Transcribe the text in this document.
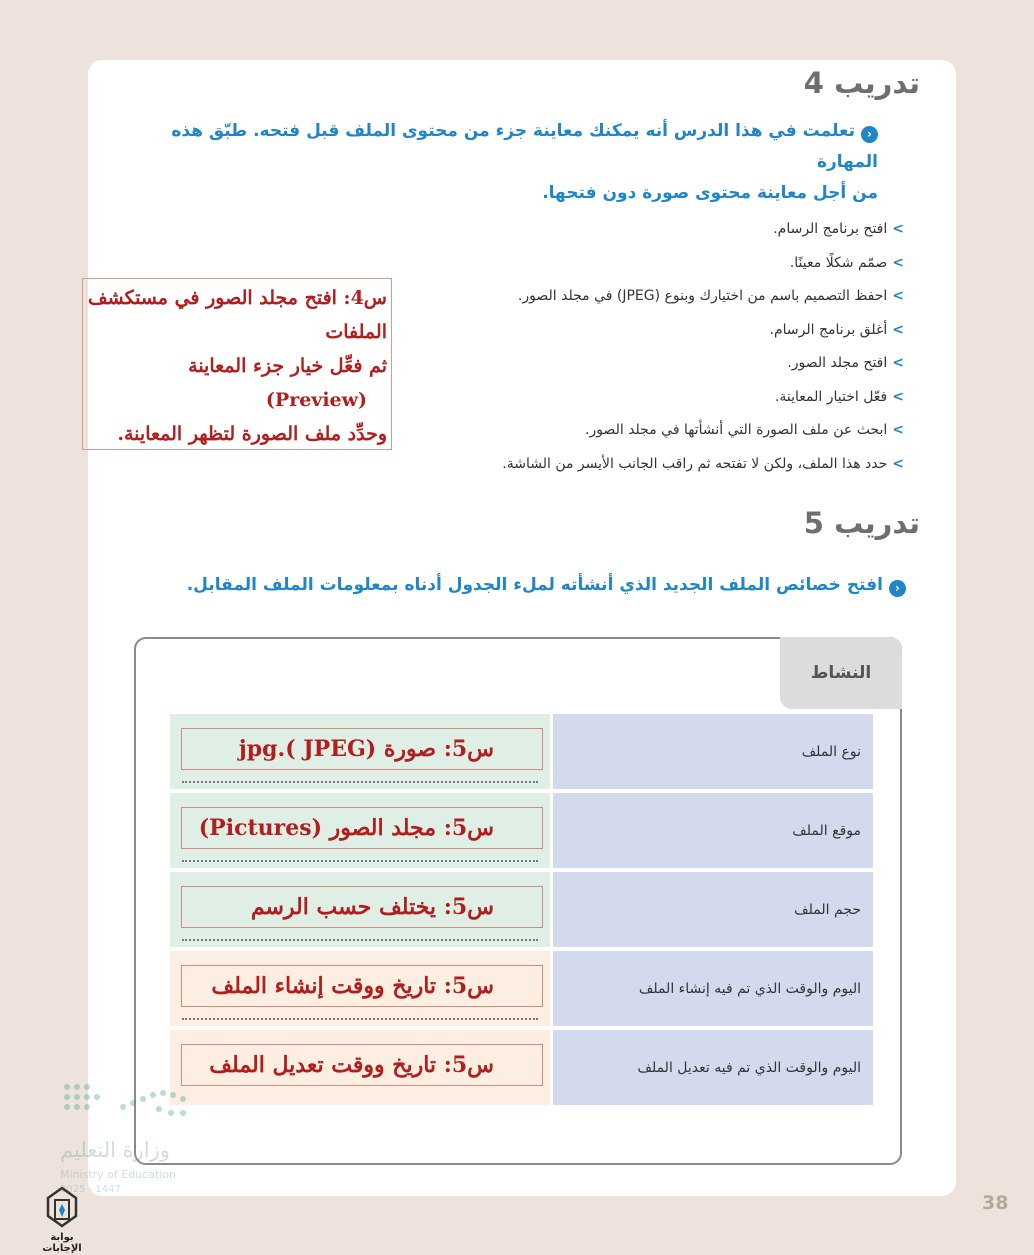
تدريب 4
‹تعلمت في هذا الدرس أنه يمكنك معاينة جزء من محتوى الملف قبل فتحه. طبّق هذه المهارة
من أجل معاينة محتوى صورة دون فتحها.
>افتح برنامج الرسام.
>صمّم شكلًا معينًا.
>احفظ التصميم باسم من اختيارك وبنوع (JPEG) في مجلد الصور.
>أغلق برنامج الرسام.
>افتح مجلد الصور.
>فعّل اختيار المعاينة.
>ابحث عن ملف الصورة التي أنشأتها في مجلد الصور.
>حدد هذا الملف، ولكن لا تفتحه ثم راقب الجانب الأيسر من الشاشة.
س4: افتح مجلد الصور في مستكشف
الملفات
ثم فعِّل خيار جزء المعاينة
(Preview)
وحدِّد ملف الصورة لتظهر المعاينة.
تدريب 5
‹افتح خصائص الملف الجديد الذي أنشأته لملء الجدول أدناه بمعلومات الملف المقابل.
النشاط
نوع الملف
س5: صورة (JPEG ).jpg
موقع الملف
س5: مجلد الصور (Pictures)
حجم الملف
س5: يختلف حسب الرسم
اليوم والوقت الذي تم فيه إنشاء الملف
س5: تاريخ ووقت إنشاء الملف
اليوم والوقت الذي تم فيه تعديل الملف
س5: تاريخ ووقت تعديل الملف
وزارة التعليم
Ministry of Education
2025 - 1447
بوابة الإجابات
38
